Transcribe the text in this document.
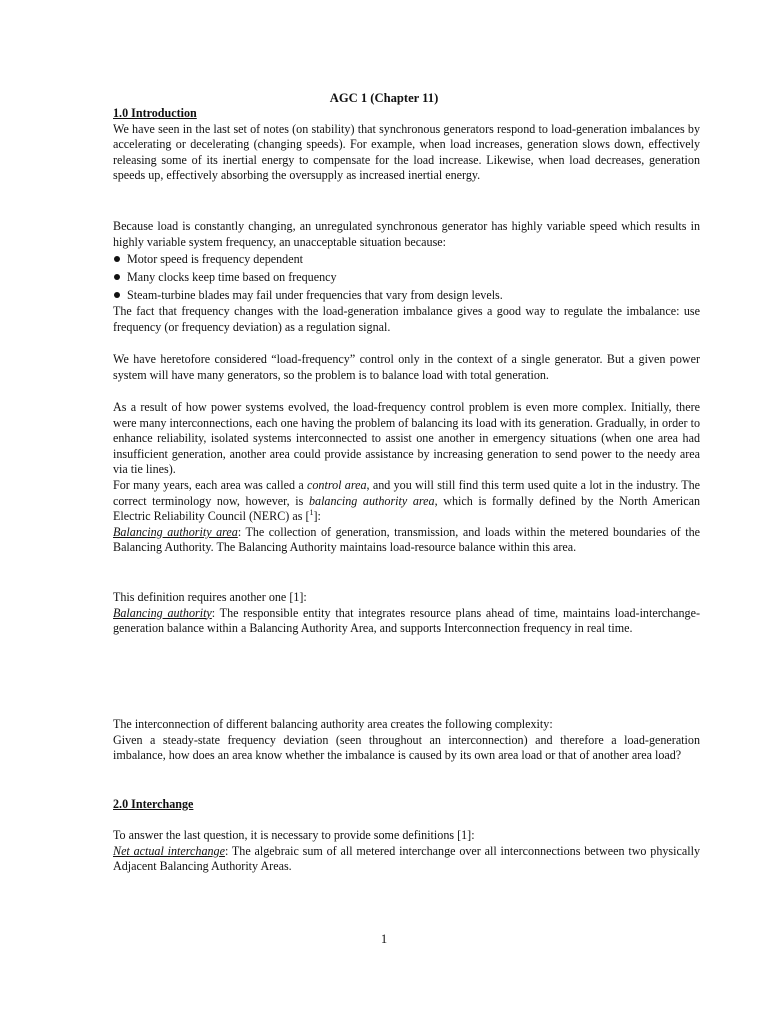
AGC 1 (Chapter 11)
1.0 Introduction

We have seen in the last set of notes (on stability) that synchronous generators respond to load-generation imbalances by accelerating or decelerating (changing speeds). For example, when load increases, generation slows down, effectively releasing some of its inertial energy to compensate for the load increase. Likewise, when load decreases, generation speeds up, effectively absorbing the oversupply as increased inertial energy.

Because load is constantly changing, an unregulated synchronous generator has highly variable speed which results in highly variable system frequency, an unacceptable situation because:

Motor speed is frequency dependent
Many clocks keep time based on frequency
Steam-turbine blades may fail under frequencies that vary from design levels.

The fact that frequency changes with the load-generation imbalance gives a good way to regulate the imbalance: use frequency (or frequency deviation) as a regulation signal.

We have heretofore considered “load-frequency” control only in the context of a single generator. But a given power system will have many generators, so the problem is to balance load with total generation.

As a result of how power systems evolved, the load-frequency control problem is even more complex. Initially, there were many interconnections, each one having the problem of balancing its load with its generation. Gradually, in order to enhance reliability, isolated systems interconnected to assist one another in emergency situations (when one area had insufficient generation, another area could provide assistance by increasing generation to send power to the needy area via tie lines).

For many years, each area was called a control area, and you will still find this term used quite a lot in the industry. The correct terminology now, however, is balancing authority area, which is formally defined by the North American Electric Reliability Council (NERC) as [$^1$]:

Balancing authority area: The collection of generation, transmission, and loads within the metered boundaries of the Balancing Authority. The Balancing Authority maintains load-resource balance within this area.

This definition requires another one [1]:

Balancing authority: The responsible entity that integrates resource plans ahead of time, maintains load-interchange-generation balance within a Balancing Authority Area, and supports Interconnection frequency in real time.

The interconnection of different balancing authority area creates the following complexity:

Given a steady-state frequency deviation (seen throughout an interconnection) and therefore a load-generation imbalance, how does an area know whether the imbalance is caused by its own area load or that of another area load?

2.0 Interchange

To answer the last question, it is necessary to provide some definitions [1]:

Net actual interchange: The algebraic sum of all metered interchange over all interconnections between two physically Adjacent Balancing Authority Areas.

1
